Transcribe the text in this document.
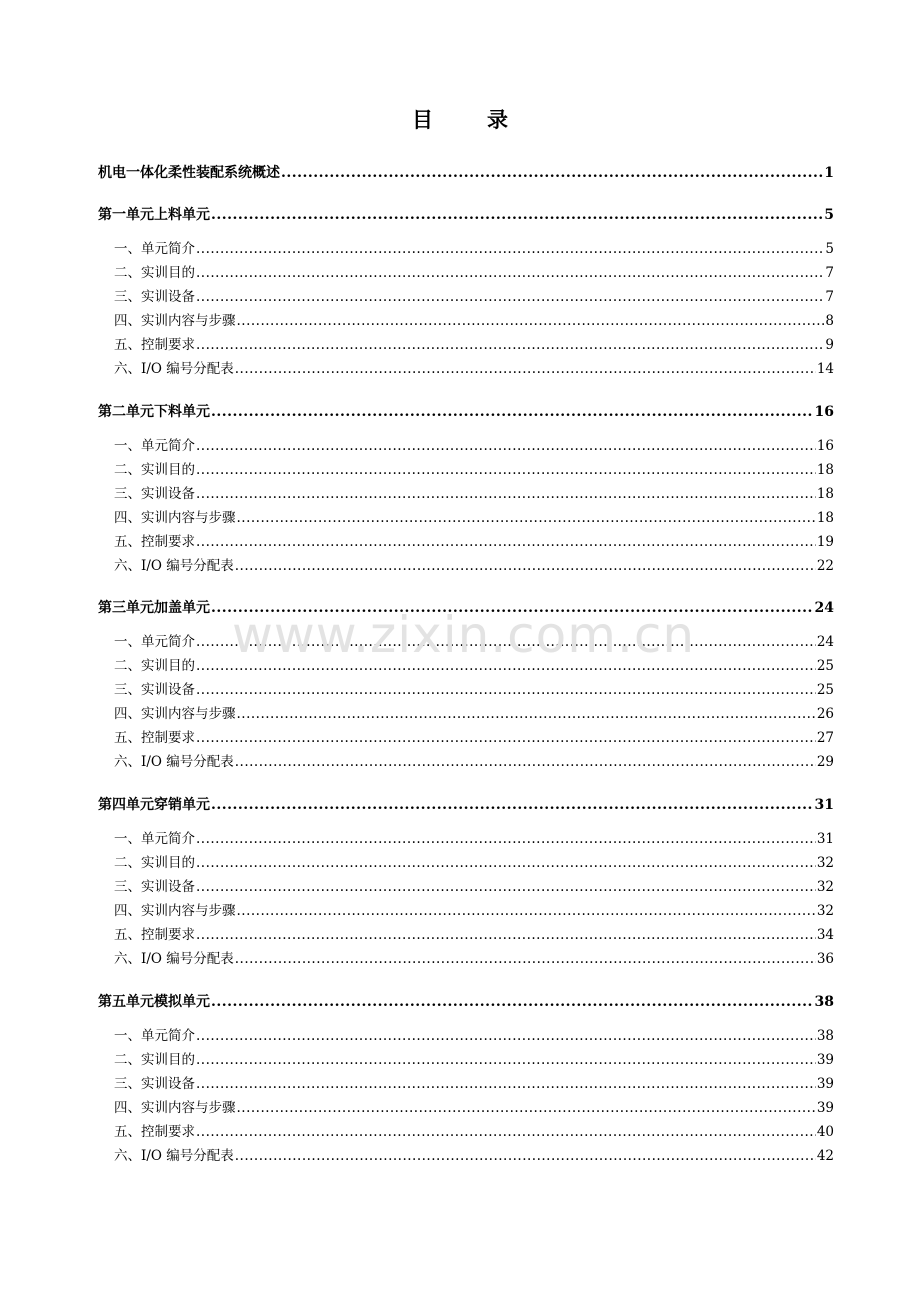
目	录
机电一体化柔性装配系统概述 .....	1
第一单元 上料单元 .....	5
一、 单元简介 .....	5
二、 实训目的 .....	7
三、 实训设备 .....	7
四、 实训内容与步骤 .....	8
五、 控制要求 .....	9
六、 I/O 编号分配表 .....	14
第二单元 下料单元 .....	16
一、 单元简介 .....	16
二、 实训目的 .....	18
三、 实训设备 .....	18
四、 实训内容与步骤 .....	18
五、 控制要求 .....	19
六、 I/O 编号分配表 .....	22
第三单元 加盖单元 .....	24
一、 单元简介 .....	24
二、 实训目的 .....	25
三、 实训设备 .....	25
四、 实训内容与步骤 .....	26
五、 控制要求 .....	27
六、 I/O 编号分配表 .....	29
第四单元 穿销单元 .....	31
一、 单元简介 .....	31
二、 实训目的 .....	32
三、 实训设备 .....	32
四、 实训内容与步骤 .....	32
五、 控制要求 .....	34
六、 I/O 编号分配表 .....	36
第五单元 模拟单元 .....	38
一、 单元简介 .....	38
二、 实训目的 .....	39
三、 实训设备 .....	39
四、 实训内容与步骤 .....	39
五、 控制要求 .....	40
六、 I/O 编号分配表 .....	42
www.zixin.com.cn
